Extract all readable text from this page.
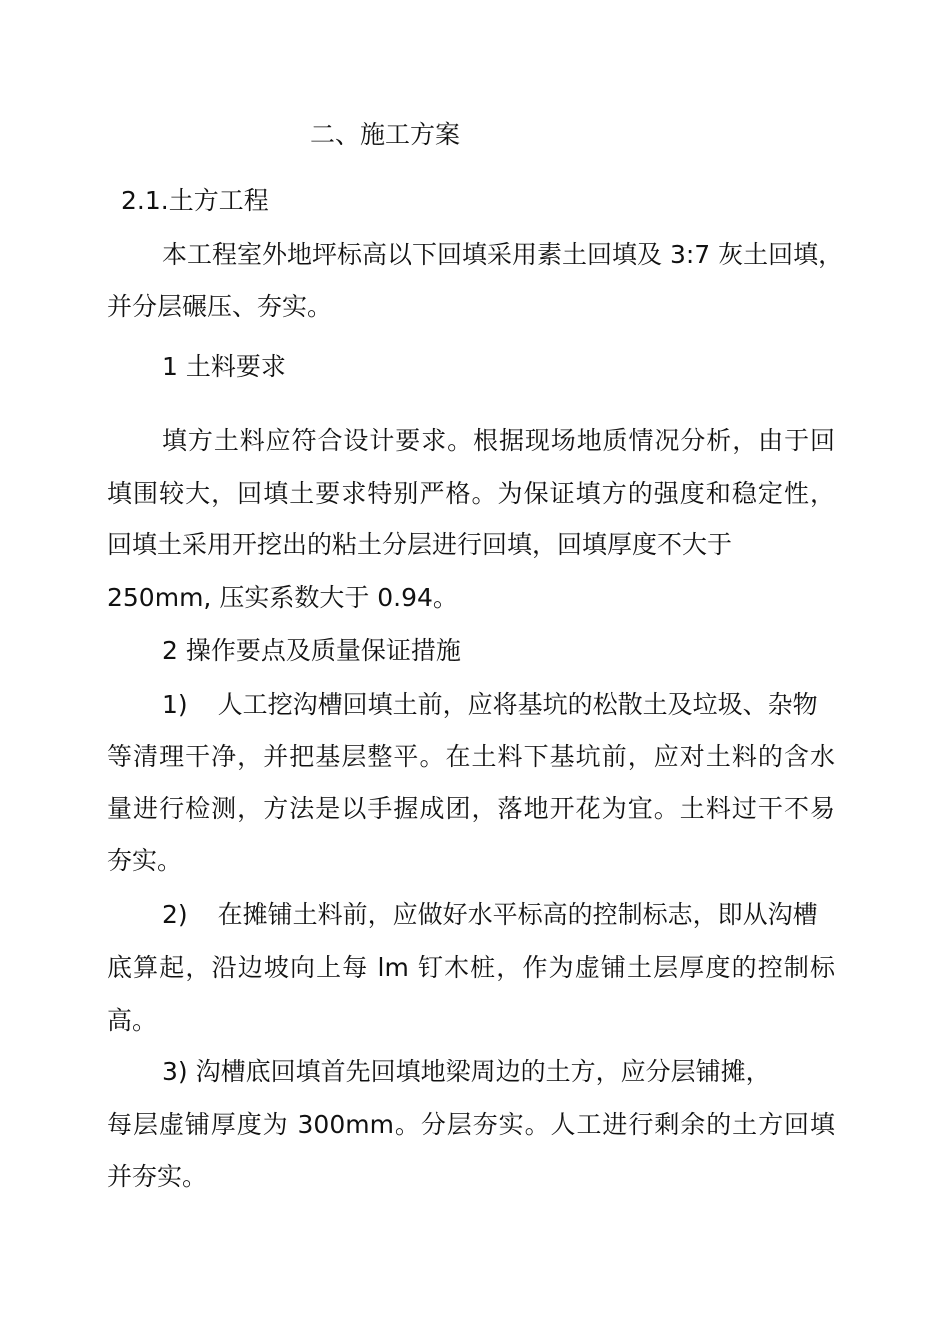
二、施工方案
2.1.土方工程
本工程室外地坪标高以下回填采用素土回填及 3:7 灰土回填，
并分层碾压、夯实。
1 土料要求
填方土料应符合设计要求。根据现场地质情况分析，由于回
填围较大，回填土要求特别严格。为保证填方的强度和稳定性，
回填土采用开挖出的粘土分层进行回填，回填厚度不大于
250mm, 压实系数大于 0.94。
2 操作要点及质量保证措施
1) 人工挖沟槽回填土前，应将基坑的松散土及垃圾、杂物
等清理干净，并把基层整平。在土料下基坑前，应对土料的含水
量进行检测，方法是以手握成团，落地开花为宜。土料过干不易
夯实。
2) 在摊铺土料前，应做好水平标高的控制标志，即从沟槽
底算起，沿边坡向上每 lm 钉木桩，作为虚铺土层厚度的控制标
高。
3) 沟槽底回填首先回填地梁周边的土方，应分层铺摊，
每层虚铺厚度为 300mm。分层夯实。人工进行剩余的土方回填
并夯实。
